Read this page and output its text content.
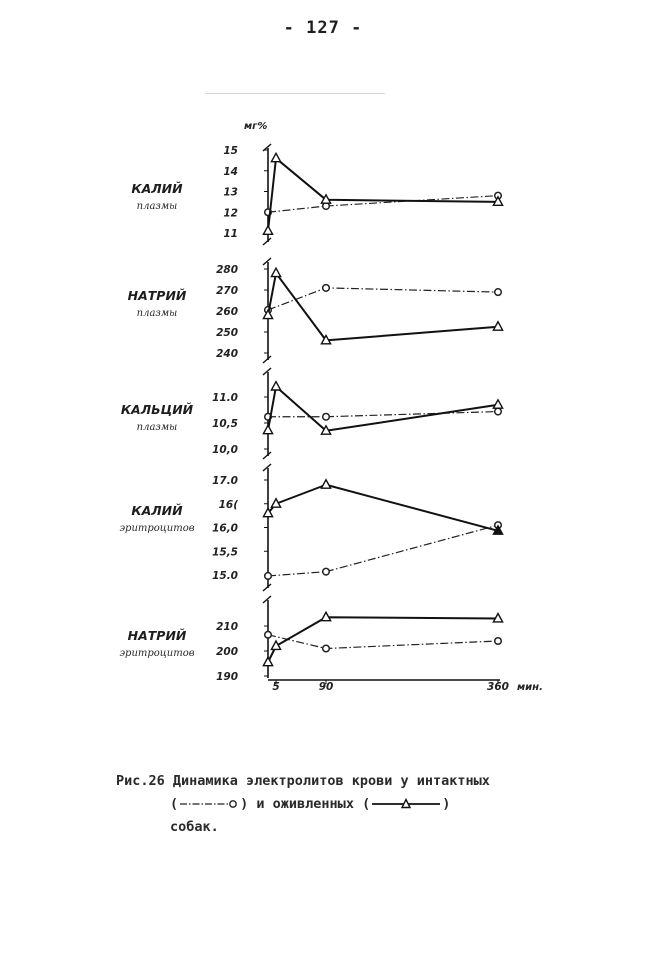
- 127 -
мг%
КАЛИЙ
плазмы
15
14
13
12
11
НАТРИЙ
плазмы
280
270
260
250
240
КАЛЬЦИЙ
плазмы
11.0
10,5
10,0
КАЛИЙ
эритроцитов
17.0
16(
16,0
15,5
15.0
НАТРИЙ
эритроцитов
210
200
190
5	90	360 мин.
Рис.26 Динамика электролитов крови у интактных
(	) и оживленных (	)
собак.
